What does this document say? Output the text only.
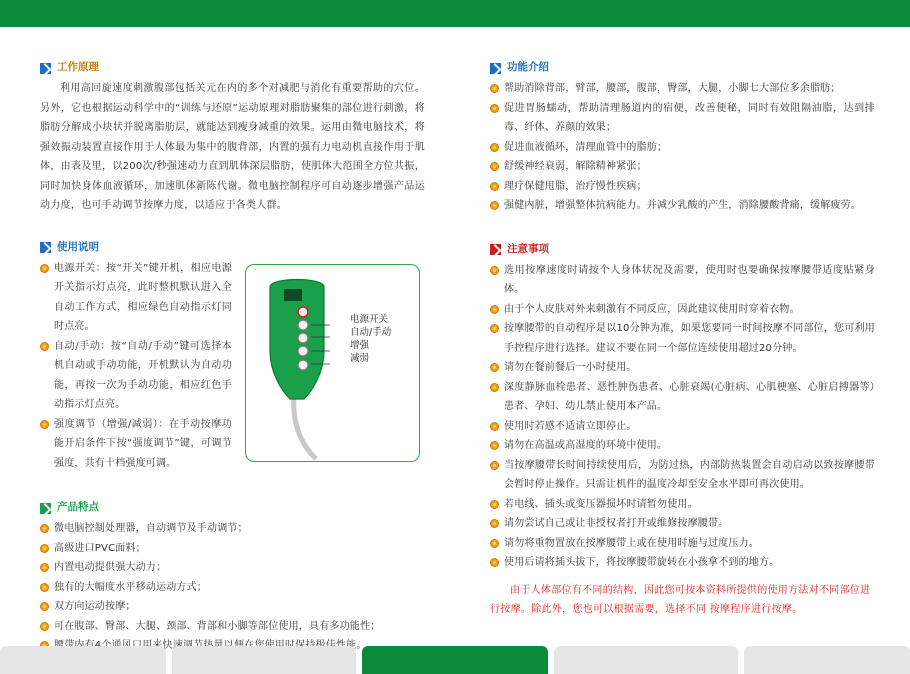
工作原理

利用高回旋速度刺激腹部包括关元在内的多个对减肥与消化有重要帮助的穴位。另外，它也根据运动科学中的“训练与还原”运动原理对脂肪聚集的部位进行刺激，将脂肪分解成小块状并脱离脂肪层，就能达到瘦身减重的效果。运用由微电脑技术，将强效振动装置直接作用于人体最为集中的腹背部，内置的强有力电动机直接作用于肌体，由表及里，以200次/秒强速动力直到肌体深层脂肪，使肌体大范围全方位共振，同时加快身体血液循环，加速肌体新陈代谢。微电脑控制程序可自动逐步增强产品运动力度，也可手动调节按摩力度，以适应于各类人群。

使用说明
电源开关：按“开关”键开机，相应电源开关指示灯点亮，此时整机默认进入全自动工作方式，相应绿色自动指示灯同时点亮。
自动/手动：按“自动/手动”键可选择本机自动或手动功能，开机默认为自动功能，再按一次为手动功能，相应红色手动指示灯点亮。
强度调节（增强/减弱）：在手动按摩功能开启条件下按“强度调节”键，可调节强度，共有十档强度可调。
产品特点
微电脑控制处理器，自动调节及手动调节；
高级进口PVC面料；
内置电动提供强大动力；
独有的大幅度水平移动运动方式；
双方向运动按摩；
可在腹部、臀部、大腿、颈部、背部和小脚等部位使用，具有多功能性；
电源开关
自动/手动
增强
减弱
功能介绍
帮助消除背部，臂部，腰部，腹部，臀部，大腿，小脚七大部位多余脂肪；
促进胃肠蠕动，帮助清理肠道内的宿便，改善便秘，同时有效阻隔油脂，达到排毒、纤体、养颜的效果；
促进血液循环，清理血管中的脂肪；
舒缓神经衰弱，解除精神紧张；
理疗保健甩脂，治疗慢性疾病；
强健内脏，增强整体抗病能力。并减少乳酸的产生，消除腰酸背痛，缓解疲劳。
注意事项
选用按摩速度时请按个人身体状况及需要，使用时也要确保按摩腰带适度贴紧身体。
由于个人皮肤对外来刺激有不同反应，因此建议使用时穿着衣物。
按摩腰带的自动程序是以10分钟为准，如果您要同一时间按摩不同部位，您可利用手控程序进行选择。建议不要在同一个部位连续使用超过20分钟。
请勿在餐前餐后一小时使用。
深度静脉血栓患者、恶性肿伤患者、心脏衰竭(心脏病、心肌梗塞、心脏启搏器等）患者、孕妇、幼儿禁止使用本产品。
使用时若感不适请立即停止。
请勿在高温或高湿度的环境中使用。
当按摩腰带长时间持续使用后，为防过热，内部防热装置会自动启动以致按摩腰带会暂时停止操作。只需让机件的温度冷却至安全水平即可再次使用。
若电线、插头或变压器损坏时请暂勿使用。
请勿尝试自己或让非授权者打开或维修按摩腰带。
请勿将重物置放在按摩腰带上或在使用时施与过度压力。
使用后请将插头拔下，将按摩腰带旋转在小孩拿不到的地方。

由于人体部位有不同的结构，因此您可按本资料所提供的使用方法对不同部位进行按摩。除此外，您也可以根据需要，选择不同 按摩程序进行按摩。
